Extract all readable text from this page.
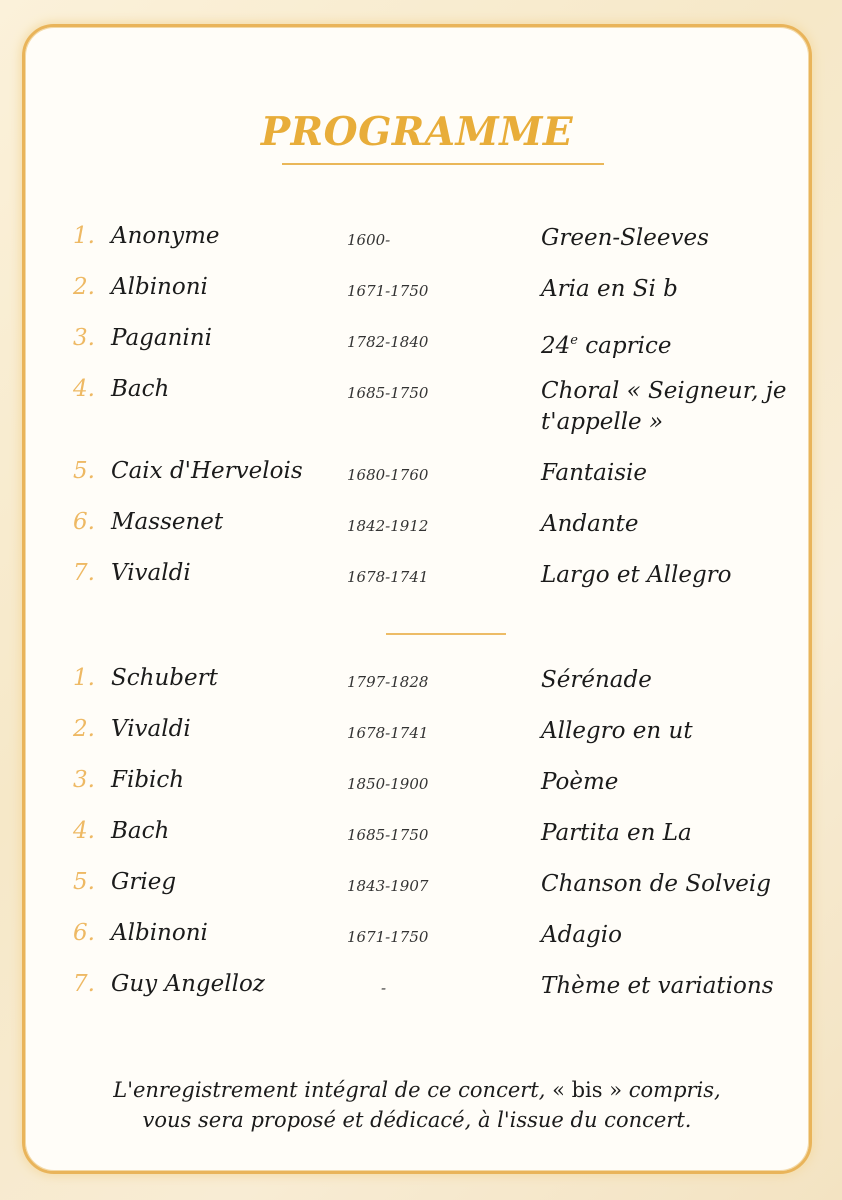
PROGRAMME
1. Anonyme	1600-	Green-Sleeves
2. Albinoni	1671-1750	Aria en Si b
3. Paganini	1782-1840	24e caprice
4. Bach	1685-1750	Choral « Seigneur, je t'appelle »
5. Caix d'Hervelois	1680-1760	Fantaisie
6. Massenet	1842-1912	Andante
7. Vivaldi	1678-1741	Largo et Allegro
1. Schubert	1797-1828	Sérénade
2. Vivaldi	1678-1741	Allegro en ut
3. Fibich	1850-1900	Poème
4. Bach	1685-1750	Partita en La
5. Grieg	1843-1907	Chanson de Solveig
6. Albinoni	1671-1750	Adagio
7. Guy Angelloz	-	Thème et variations

L'enregistrement intégral de ce concert, « bis » compris,
vous sera proposé et dédicacé, à l'issue du concert.
